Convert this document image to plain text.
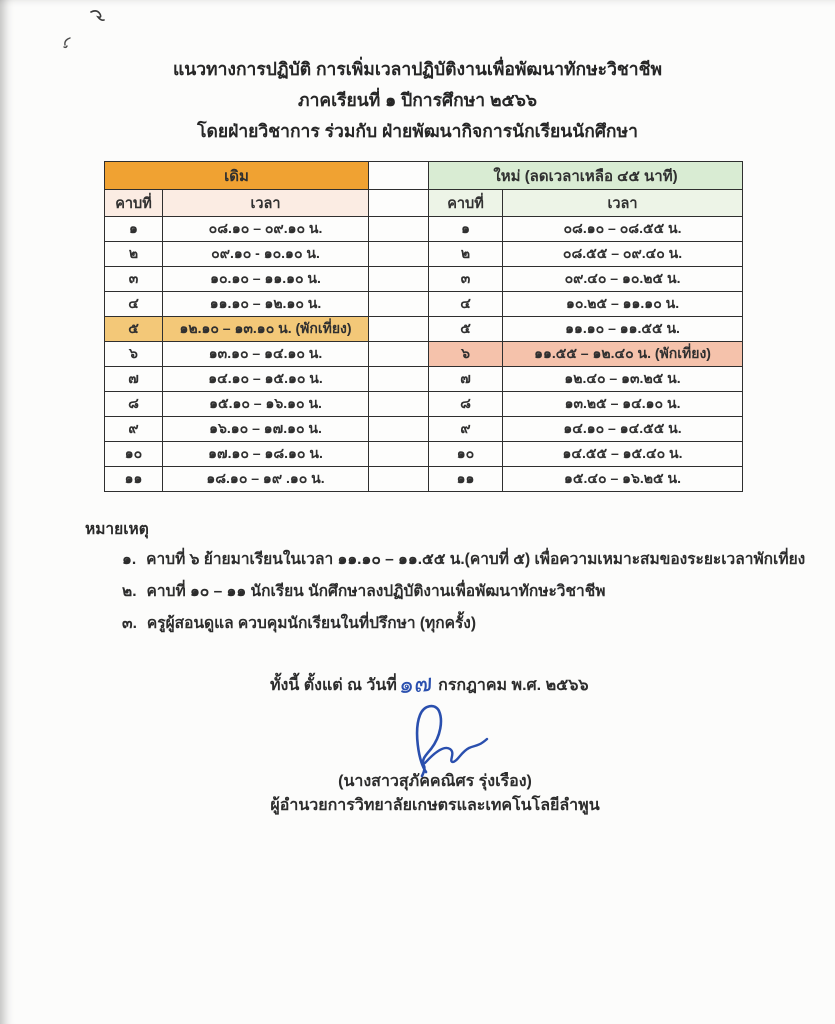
แนวทางการปฏิบัติ การเพิ่มเวลาปฏิบัติงานเพื่อพัฒนาทักษะวิชาชีพ
ภาคเรียนที่ ๑ ปีการศึกษา ๒๕๖๖
โดยฝ่ายวิชาการ ร่วมกับ ฝ่ายพัฒนากิจการนักเรียนนักศึกษา
เดิม			ใหม่ (ลดเวลาเหลือ ๔๕ นาที)	
คาบที่	เวลา		คาบที่	เวลา
๑	๐๘.๑๐ – ๐๙.๑๐ น.		๑	๐๘.๑๐ – ๐๘.๕๕ น.
๒	๐๙.๑๐ - ๑๐.๑๐ น.		๒	๐๘.๕๕ – ๐๙.๔๐ น.
๓	๑๐.๑๐ – ๑๑.๑๐ น.		๓	๐๙.๔๐ – ๑๐.๒๕ น.
๔	๑๑.๑๐ – ๑๒.๑๐ น.		๔	๑๐.๒๕ – ๑๑.๑๐ น.
๕	๑๒.๑๐ – ๑๓.๑๐ น. (พักเที่ยง)		๕	๑๑.๑๐ – ๑๑.๕๕ น.
๖	๑๓.๑๐ – ๑๔.๑๐ น.		๖	๑๑.๕๕ – ๑๒.๔๐ น. (พักเที่ยง)
๗	๑๔.๑๐ – ๑๕.๑๐ น.		๗	๑๒.๔๐ – ๑๓.๒๕ น.
๘	๑๕.๑๐ – ๑๖.๑๐ น.		๘	๑๓.๒๕ – ๑๔.๑๐ น.
๙	๑๖.๑๐ – ๑๗.๑๐ น.		๙	๑๔.๑๐ – ๑๔.๕๕ น.
๑๐	๑๗.๑๐ – ๑๘.๑๐ น.		๑๐	๑๔.๕๕ – ๑๕.๔๐ น.
๑๑	๑๘.๑๐ – ๑๙ .๑๐ น.		๑๑	๑๕.๔๐ – ๑๖.๒๕ น.
หมายเหตุ
๑. คาบที่ ๖ ย้ายมาเรียนในเวลา ๑๑.๑๐ – ๑๑.๕๕ น.(คาบที่ ๕) เพื่อความเหมาะสมของระยะเวลาพักเที่ยง
๒. คาบที่ ๑๐ – ๑๑ นักเรียน นักศึกษาลงปฏิบัติงานเพื่อพัฒนาทักษะวิชาชีพ
๓. ครูผู้สอนดูแล ควบคุมนักเรียนในที่ปรึกษา (ทุกครั้ง)
ทั้งนี้ ตั้งแต่ ณ วันที่๑๗ กรกฎาคม พ.ศ. ๒๕๖๖
(นางสาวสุภัคคณิศร รุ่งเรือง)
ผู้อำนวยการวิทยาลัยเกษตรและเทคโนโลยีลำพูน
